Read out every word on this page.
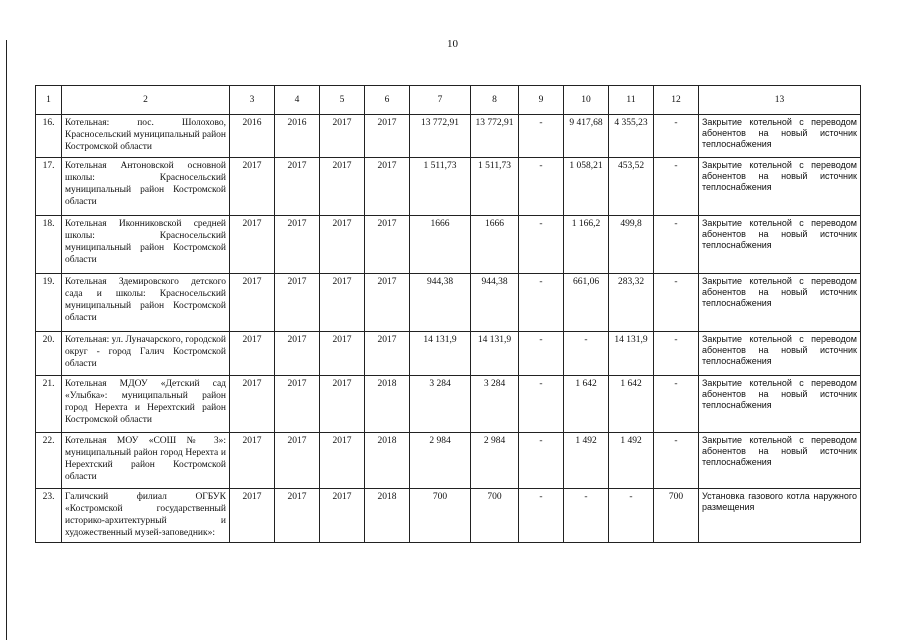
10
1	2	3	4	5	6	7	8	9	10	11	12	13
16.	Котельная: пос. Шолохово, Красносельский муниципальный район Костромской области	2016	2016	2017	2017	13 772,91	13 772,91	-	9 417,68	4 355,23	-	Закрытие котельной с переводом абонентов на новый источник теплоснабжения
17.	Котельная Антоновской основной школы: Красносельский муниципальный район Костромской области	2017	2017	2017	2017	1 511,73	1 511,73	-	1 058,21	453,52	-	Закрытие котельной с переводом абонентов на новый источник теплоснабжения
18.	Котельная Иконниковской средней школы: Красносельский муниципальный район Костромской области	2017	2017	2017	2017	1666	1666	-	1 166,2	499,8	-	Закрытие котельной с переводом абонентов на новый источник теплоснабжения
19.	Котельная Здемировского детского сада и школы: Красносельский муниципальный район Костромской области	2017	2017	2017	2017	944,38	944,38	-	661,06	283,32	-	Закрытие котельной с переводом абонентов на новый источник теплоснабжения
20.	Котельная: ул. Луначарского, городской округ - город Галич Костромской области	2017	2017	2017	2017	14 131,9	14 131,9	-	-	14 131,9	-	Закрытие котельной с переводом абонентов на новый источник теплоснабжения
21.	Котельная МДОУ «Детский сад «Улыбка»: муниципальный район город Нерехта и Нерехтский район Костромской области	2017	2017	2017	2018	3 284	3 284	-	1 642	1 642	-	Закрытие котельной с переводом абонентов на новый источник теплоснабжения
22.	Котельная МОУ «СОШ № 3»: муниципальный район город Нерехта и Нерехтский район Костромской области	2017	2017	2017	2018	2 984	2 984	-	1 492	1 492	-	Закрытие котельной с переводом абонентов на новый источник теплоснабжения
23.	Галичский филиал ОГБУК «Костромской государственный историко-архитектурный и художественный музей-заповедник»:	2017	2017	2017	2018	700	700	-	-	-	700	Установка газового котла наружного размещения
